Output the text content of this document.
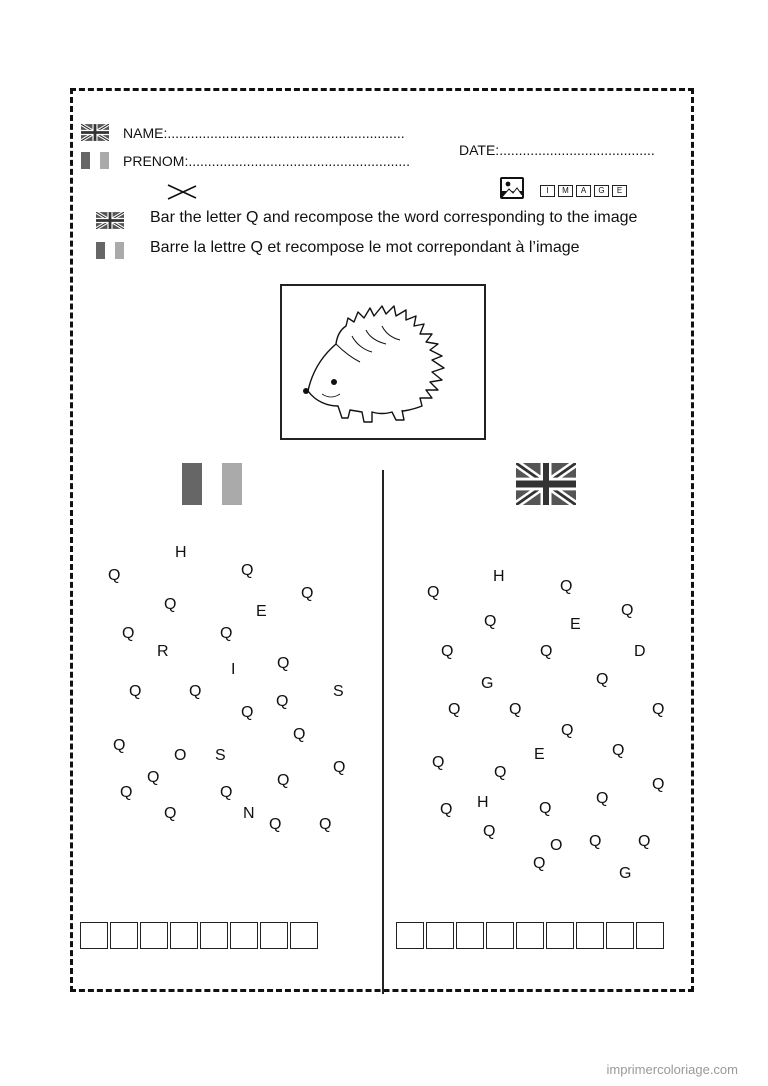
NAME:.............................................................
PRENOM:.........................................................
DATE:........................................
I	M	A	G	E
Bar the letter Q and recompose the word corresponding to the image
Barre la lettre Q et recompose le mot correpondant à l’image
H
Q	Q
Q
Q
E
Q	Q
R
I	Q
Q	Q	S
Q
Q
Q
Q
S
O
Q
Q
Q
Q	Q
N
Q
Q Q
H
Q	Q
Q
Q	E
Q	Q	D
G	Q
Q	Q	Q
Q
E	Q
Q
Q
Q
H	Q
Q
Q
Q
O Q Q
Q
G
imprimercoloriage.com
